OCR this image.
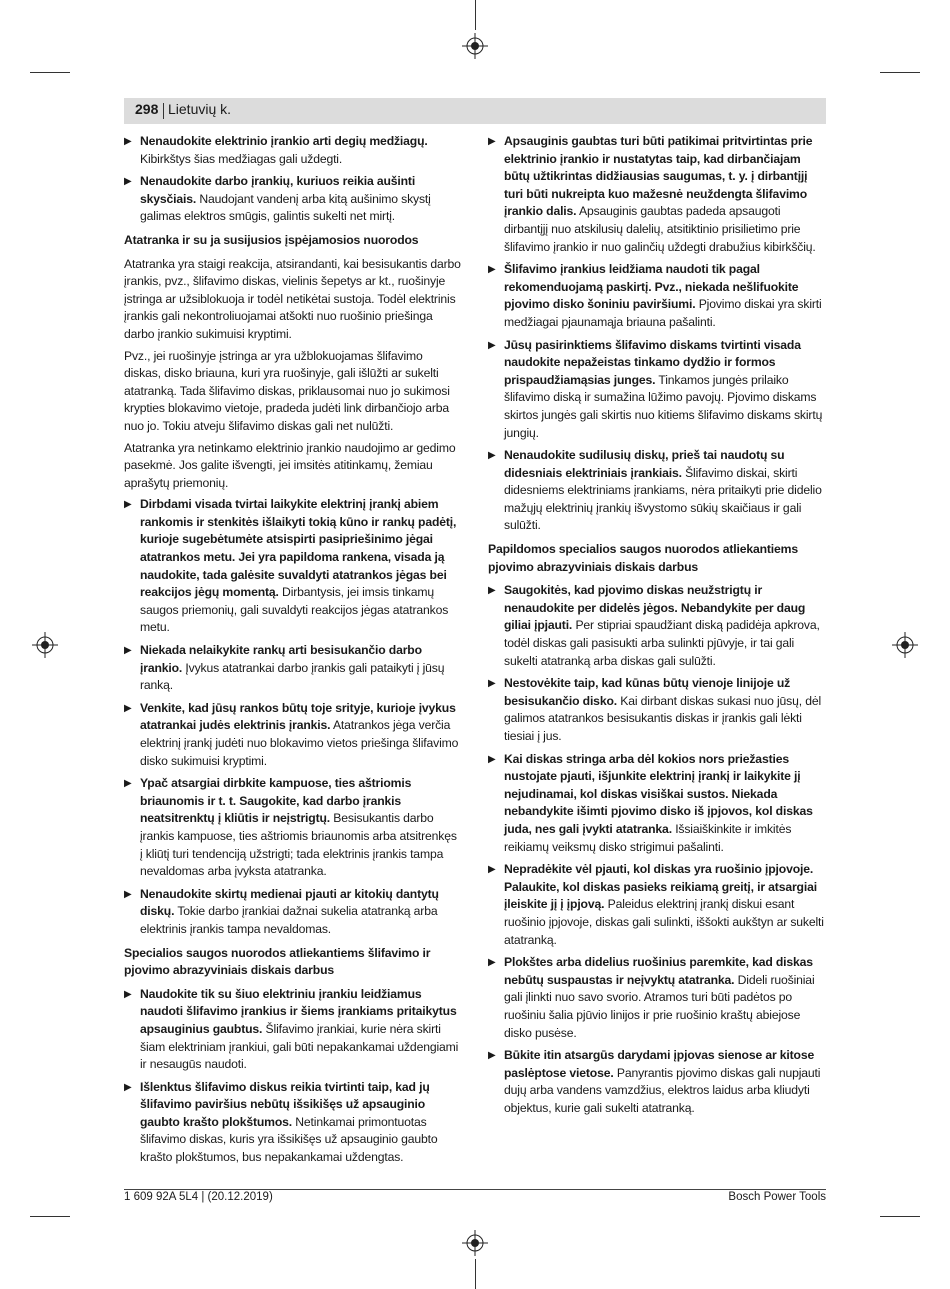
298 Lietuvių k.
▶ Nenaudokite elektrinio įrankio arti degių medžiagų. Kibirkštys šias medžiagas gali uždegti.
▶ Nenaudokite darbo įrankių, kuriuos reikia aušinti skysčiais. Naudojant vandenį arba kitą aušinimo skystį galimas elektros smūgis, galintis sukelti net mirtį.
Atatranka ir su ja susijusios įspėjamosios nuorodos

Atatranka yra staigi reakcija, atsirandanti, kai besisukantis darbo įrankis, pvz., šlifavimo diskas, vielinis šepetys ar kt., ruošinyje įstringa ar užsiblokuoja ir todėl netikėtai sustoja. Todėl elektrinis įrankis gali nekontroliuojamai atšokti nuo ruošinio priešinga darbo įrankio sukimuisi kryptimi.

Pvz., jei ruošinyje įstringa ar yra užblokuojamas šlifavimo diskas, disko briauna, kuri yra ruošinyje, gali išlūžti ar sukelti atatranką. Tada šlifavimo diskas, priklausomai nuo jo sukimosi krypties blokavimo vietoje, pradeda judėti link dirbančiojo arba nuo jo. Tokiu atveju šlifavimo diskas gali net nulūžti.

Atatranka yra netinkamo elektrinio įrankio naudojimo ar gedimo pasekmė. Jos galite išvengti, jei imsitės atitinkamų, žemiau aprašytų priemonių.

▶ Dirbdami visada tvirtai laikykite elektrinį įrankį abiem rankomis ir stenkitės išlaikyti tokią kūno ir rankų padėtį, kurioje sugebėtumėte atsispirti pasipriešinimo jėgai atatrankos metu. Jei yra papildoma rankena, visada ją naudokite, tada galėsite suvaldyti atatrankos jėgas bei reakcijos jėgų momentą. Dirbantysis, jei imsis tinkamų saugos priemonių, gali suvaldyti reakcijos jėgas atatrankos metu.
▶ Niekada nelaikykite rankų arti besisukančio darbo įrankio. Įvykus atatrankai darbo įrankis gali pataikyti į jūsų ranką.
▶ Venkite, kad jūsų rankos būtų toje srityje, kurioje įvykus atatrankai judės elektrinis įrankis. Atatrankos jėga verčia elektrinį įrankį judėti nuo blokavimo vietos priešinga šlifavimo disko sukimuisi kryptimi.
▶ Ypač atsargiai dirbkite kampuose, ties aštriomis briaunomis ir t. t. Saugokite, kad darbo įrankis neatsitrenktų į kliūtis ir neįstrigtų. Besisukantis darbo įrankis kampuose, ties aštriomis briaunomis arba atsitrenkęs į kliūtį turi tendenciją užstrigti; tada elektrinis įrankis tampa nevaldomas arba įvyksta atatranka.
▶ Nenaudokite skirtų medienai pjauti ar kitokių dantytų diskų. Tokie darbo įrankiai dažnai sukelia atatranką arba elektrinis įrankis tampa nevaldomas.
Specialios saugos nuorodos atliekantiems šlifavimo ir pjovimo abrazyviniais diskais darbus
▶ Naudokite tik su šiuo elektriniu įrankiu leidžiamus naudoti šlifavimo įrankius ir šiems įrankiams pritaikytus apsauginius gaubtus. Šlifavimo įrankiai, kurie nėra skirti šiam elektriniam įrankiui, gali būti nepakankamai uždengiami ir nesaugūs naudoti.
▶ Išlenktus šlifavimo diskus reikia tvirtinti taip, kad jų šlifavimo paviršius nebūtų išsikišęs už apsauginio gaubto krašto plokštumos. Netinkamai primontuotas šlifavimo diskas, kuris yra išsikišęs už apsauginio gaubto krašto plokštumos, bus nepakankamai uždengtas.
▶ Apsauginis gaubtas turi būti patikimai pritvirtintas prie elektrinio įrankio ir nustatytas taip, kad dirbančiajam būtų užtikrintas didžiausias saugumas, t. y. į dirbantįjį turi būti nukreipta kuo mažesnė neuždengta šlifavimo įrankio dalis. Apsauginis gaubtas padeda apsaugoti dirbantįjį nuo atskilusių dalelių, atsitiktinio prisilietimo prie šlifavimo įrankio ir nuo galinčių uždegti drabužius kibirkščių.
▶ Šlifavimo įrankius leidžiama naudoti tik pagal rekomenduojamą paskirtį. Pvz., niekada nešlifuokite pjovimo disko šoniniu paviršiumi. Pjovimo diskai yra skirti medžiagai pjaunamąja briauna pašalinti.
▶ Jūsų pasirinktiems šlifavimo diskams tvirtinti visada naudokite nepažeistas tinkamo dydžio ir formos prispaudžiamąsias junges. Tinkamos jungės prilaiko šlifavimo diską ir sumažina lūžimo pavojų. Pjovimo diskams skirtos jungės gali skirtis nuo kitiems šlifavimo diskams skirtų jungių.
▶ Nenaudokite sudilusių diskų, prieš tai naudotų su didesniais elektriniais įrankiais. Šlifavimo diskai, skirti didesniems elektriniams įrankiams, nėra pritaikyti prie didelio mažųjų elektrinių įrankių išvystomo sūkių skaičiaus ir gali sulūžti.
Papildomos specialios saugos nuorodos atliekantiems pjovimo abrazyviniais diskais darbus
▶ Saugokitės, kad pjovimo diskas neužstrigtų ir nenaudokite per didelės jėgos. Nebandykite per daug giliai įpjauti. Per stipriai spaudžiant diską padidėja apkrova, todėl diskas gali pasisukti arba sulinkti pjūvyje, ir tai gali sukelti atatranką arba diskas gali sulūžti.
▶ Nestovėkite taip, kad kūnas būtų vienoje linijoje už besisukančio disko. Kai dirbant diskas sukasi nuo jūsų, dėl galimos atatrankos besisukantis diskas ir įrankis gali lėkti tiesiai į jus.
▶ Kai diskas stringa arba dėl kokios nors priežasties nustojate pjauti, išjunkite elektrinį įrankį ir laikykite jį nejudinamai, kol diskas visiškai sustos. Niekada nebandykite išimti pjovimo disko iš įpjovos, kol diskas juda, nes gali įvykti atatranka. Išsiaiškinkite ir imkitės reikiamų veiksmų disko strigimui pašalinti.
▶ Nepradėkite vėl pjauti, kol diskas yra ruošinio įpjovoje. Palaukite, kol diskas pasieks reikiamą greitį, ir atsargiai įleiskite jį į įpjovą. Paleidus elektrinį įrankį diskui esant ruošinio įpjovoje, diskas gali sulinkti, iššokti aukštyn ar sukelti atatranką.
▶ Plokštes arba didelius ruošinius paremkite, kad diskas nebūtų suspaustas ir neįvyktų atatranka. Dideli ruošiniai gali įlinkti nuo savo svorio. Atramos turi būti padėtos po ruošiniu šalia pjūvio linijos ir prie ruošinio kraštų abiejose disko pusėse.
▶ Būkite itin atsargūs darydami įpjovas sienose ar kitose paslėptose vietose. Panyrantis pjovimo diskas gali nupjauti dujų arba vandens vamzdžius, elektros laidus arba kliudyti objektus, kurie gali sukelti atatranką.
1 609 92A 5L4 | (20.12.2019)	Bosch Power Tools
